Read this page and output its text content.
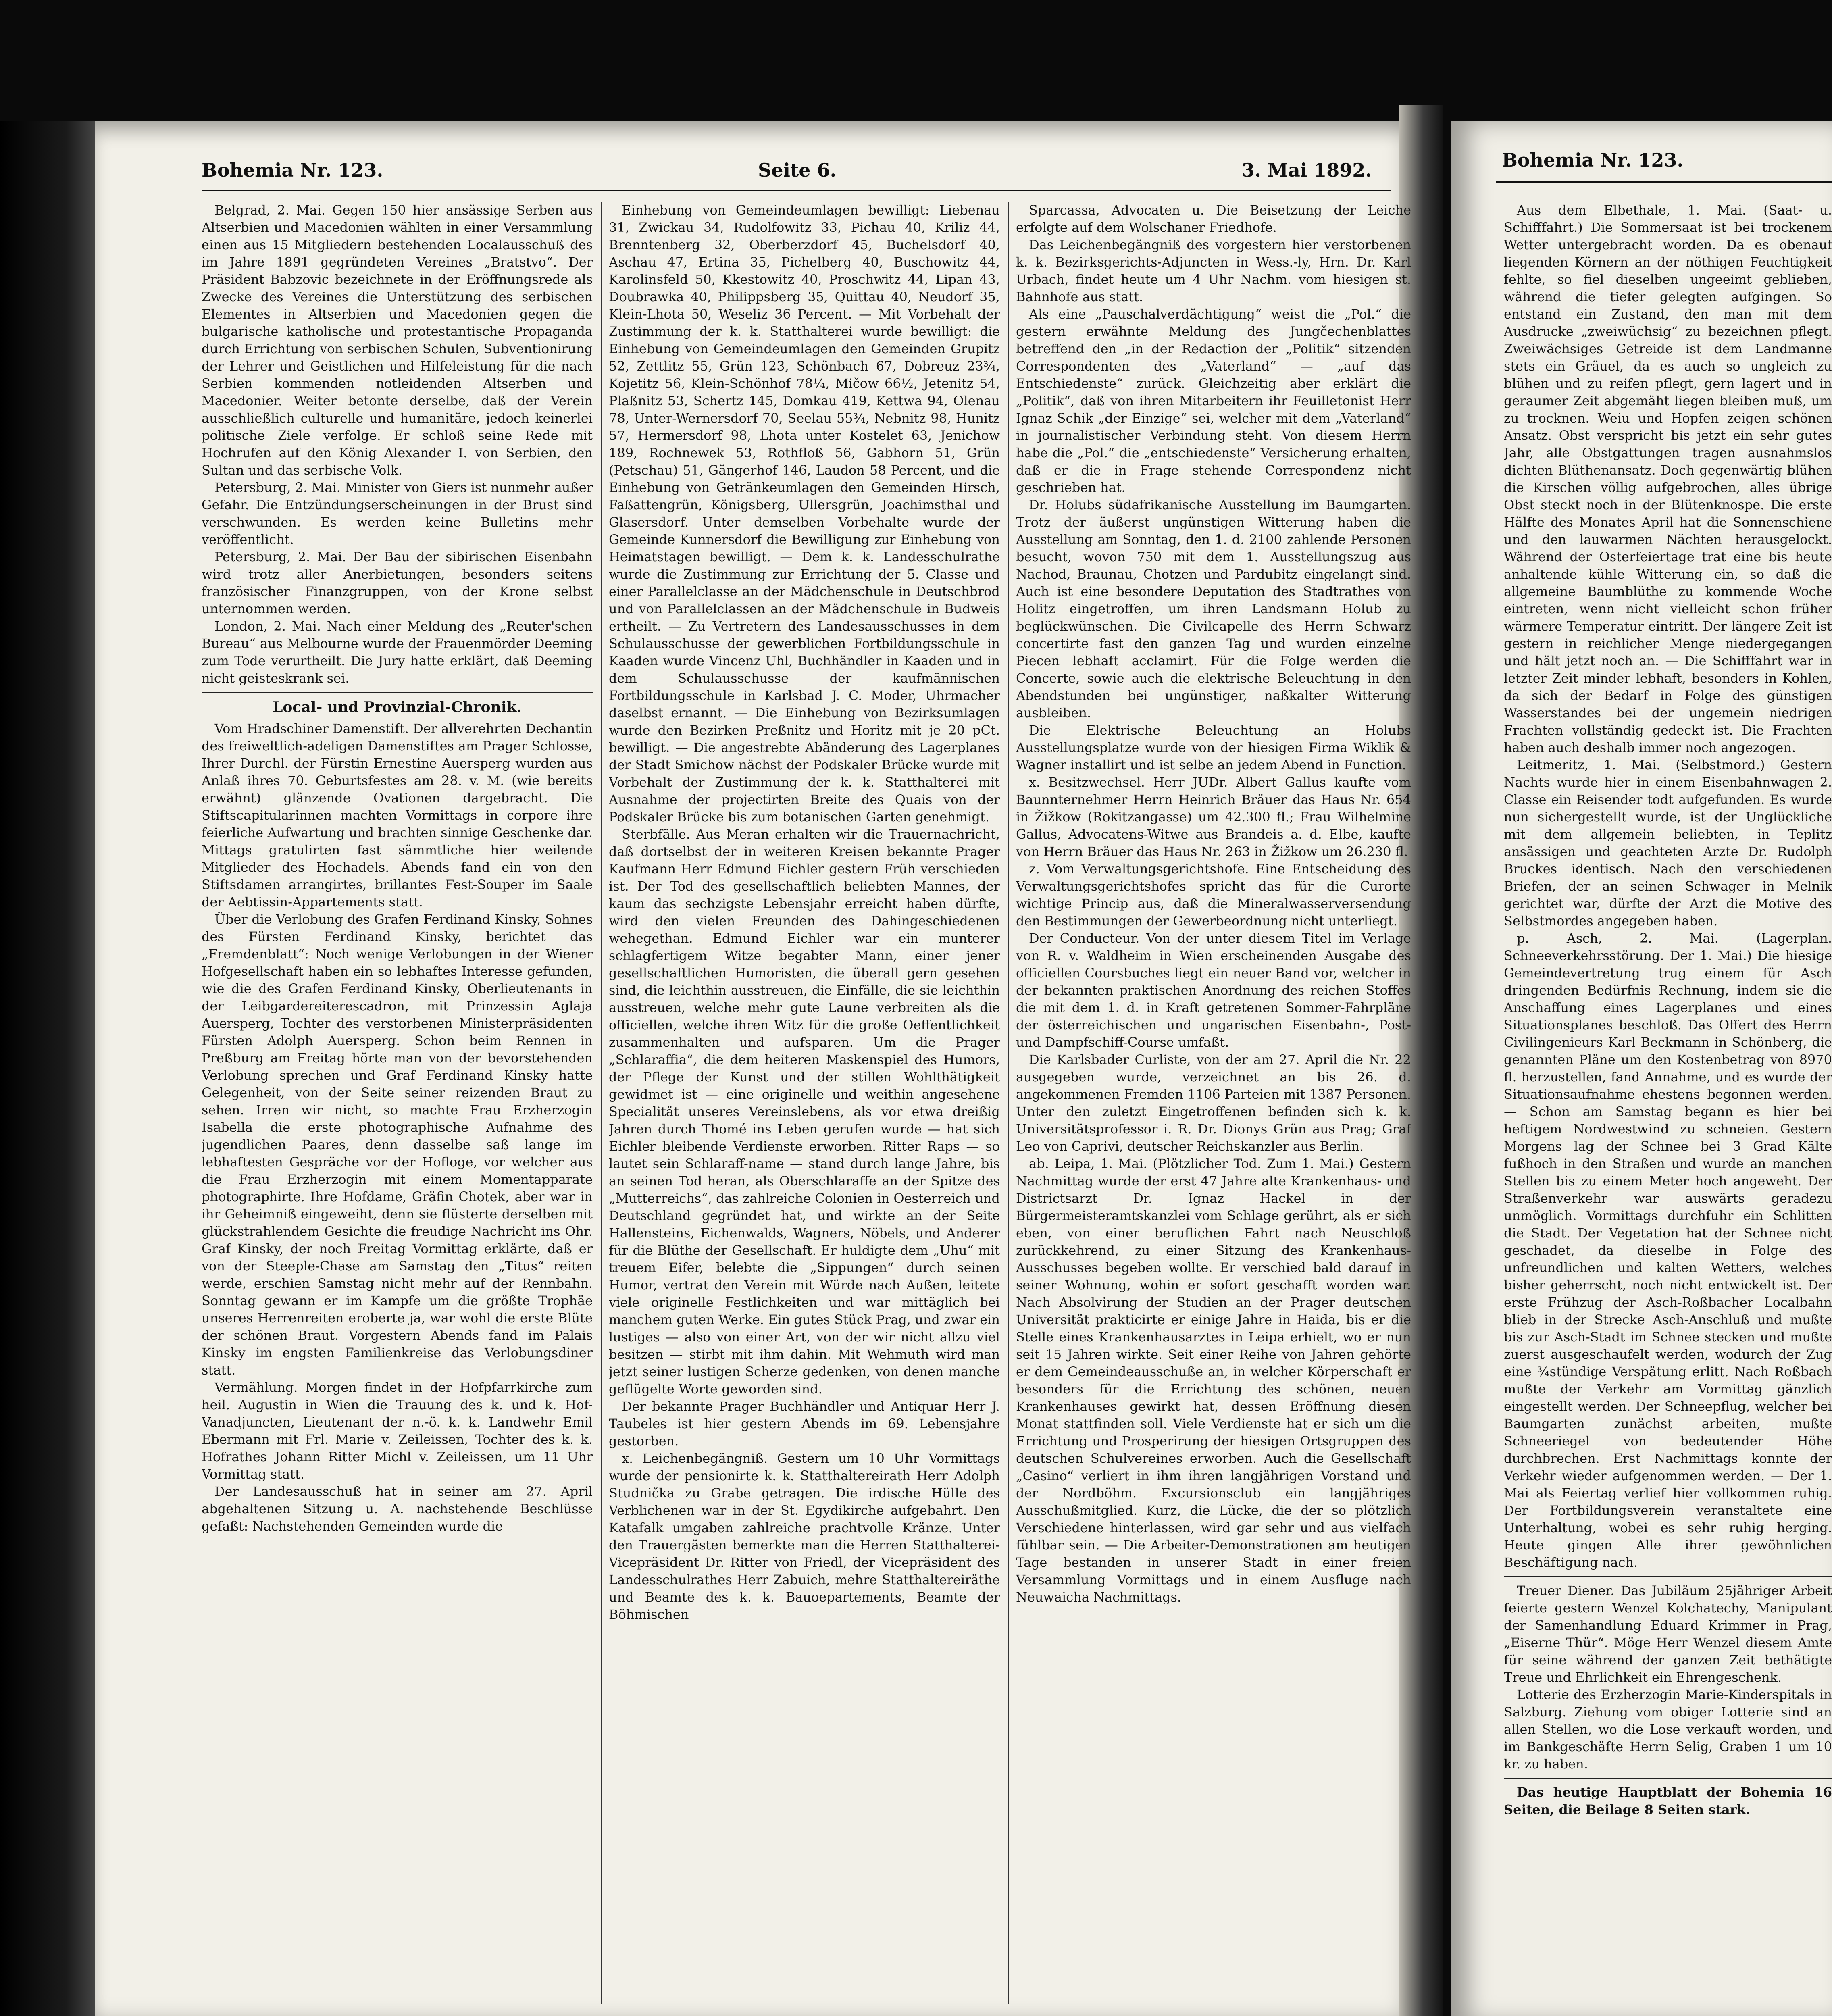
Bohemia Nr. 123.	Seite 6.	3. Mai 1892.	Bohemia Nr. 123.

Belgrad, 2. Mai. Gegen 150 hier ansässige Serben aus Altserbien und Macedonien wählten in einer Versammlung einen aus 15 Mitgliedern bestehenden Localausschuß des im Jahre 1891 gegründeten Vereines „Bratstvo“. Der Präsident Babzovic bezeichnete in der Eröffnungsrede als Zwecke des Vereines die Unterstützung des serbischen Elementes in Altserbien und Macedonien gegen die bulgarische katholische und protestantische Propaganda durch Errichtung von serbischen Schulen, Subventionirung der Lehrer und Geistlichen und Hilfeleistung für die nach Serbien kommenden notleidenden Altserben und Macedonier. Weiter betonte derselbe, daß der Verein ausschließlich culturelle und humanitäre, jedoch keinerlei politische Ziele verfolge. Er schloß seine Rede mit Hochrufen auf den König Alexander I. von Serbien, den Sultan und das serbische Volk.

Petersburg, 2. Mai. Minister von Giers ist nunmehr außer Gefahr. Die Entzündungserscheinungen in der Brust sind verschwunden. Es werden keine Bulletins mehr veröffentlicht.

Petersburg, 2. Mai. Der Bau der sibirischen Eisenbahn wird trotz aller Anerbietungen, besonders seitens französischer Finanzgruppen, von der Krone selbst unternommen werden.

London, 2. Mai. Nach einer Meldung des „Reuter'schen Bureau“ aus Melbourne wurde der Frauenmörder Deeming zum Tode verurtheilt. Die Jury hatte erklärt, daß Deeming nicht geisteskrank sei.

Local- und Provinzial-Chronik.

Vom Hradschiner Damenstift. Der allverehrten Dechantin des freiweltlich-adeligen Damenstiftes am Prager Schlosse, Ihrer Durchl. der Fürstin Ernestine Auersperg wurden aus Anlaß ihres 70. Geburtsfestes am 28. v. M. (wie bereits erwähnt) glänzende Ovationen dargebracht. Die Stiftscapitularinnen machten Vormittags in corpore ihre feierliche Aufwartung und brachten sinnige Geschenke dar. Mittags gratulirten fast sämmtliche hier weilende Mitglieder des Hochadels. Abends fand ein von den Stiftsdamen arrangirtes, brillantes Fest-Souper im Saale der Aebtissin-Appartements statt.

Über die Verlobung des Grafen Ferdinand Kinsky, Sohnes des Fürsten Ferdinand Kinsky, berichtet das „Fremdenblatt“: Noch wenige Verlobungen in der Wiener Hofgesellschaft haben ein so lebhaftes Interesse gefunden, wie die des Grafen Ferdinand Kinsky, Oberlieutenants in der Leibgardereiterescadron, mit Prinzessin Aglaja Auersperg, Tochter des verstorbenen Ministerpräsidenten Fürsten Adolph Auersperg. Schon beim Rennen in Preßburg am Freitag hörte man von der bevorstehenden Verlobung sprechen und Graf Ferdinand Kinsky hatte Gelegenheit, von der Seite seiner reizenden Braut zu sehen. Irren wir nicht, so machte Frau Erzherzogin Isabella die erste photographische Aufnahme des jugendlichen Paares, denn dasselbe saß lange im lebhaftesten Gespräche vor der Hofloge, vor welcher aus die Frau Erzherzogin mit einem Momentapparate photographirte. Ihre Hofdame, Gräfin Chotek, aber war in ihr Geheimniß eingeweiht, denn sie flüsterte derselben mit glückstrahlendem Gesichte die freudige Nachricht ins Ohr. Graf Kinsky, der noch Freitag Vormittag erklärte, daß er von der Steeple-Chase am Samstag den „Titus“ reiten werde, erschien Samstag nicht mehr auf der Rennbahn. Sonntag gewann er im Kampfe um die größte Trophäe unseres Herrenreiten eroberte ja, war wohl die erste Blüte der schönen Braut. Vorgestern Abends fand im Palais Kinsky im engsten Familienkreise das Verlobungsdiner statt.

Vermählung. Morgen findet in der Hofpfarrkirche zum heil. Augustin in Wien die Trauung des k. und k. Hof-Vanadjuncten, Lieutenant der n.-ö. k. k. Landwehr Emil Ebermann mit Frl. Marie v. Zeileissen, Tochter des k. k. Hofrathes Johann Ritter Michl v. Zeileissen, um 11 Uhr Vormittag statt.

Der Landesausschuß hat in seiner am 27. April abgehaltenen Sitzung u. A. nachstehende Beschlüsse gefaßt: Nachstehenden Gemeinden wurde die

Einhebung von Gemeindeumlagen bewilligt: Liebenau 31, Zwickau 34, Rudolfowitz 33, Pichau 40, Kriliz 44, Brenntenberg 32, Oberberzdorf 45, Buchelsdorf 40, Aschau 47, Ertina 35, Pichelberg 40, Buschowitz 44, Karolinsfeld 50, Kkestowitz 40, Proschwitz 44, Lipan 43, Doubrawka 40, Philippsberg 35, Quittau 40, Neudorf 35, Klein-Lhota 50, Weseliz 36 Percent. — Mit Vorbehalt der Zustimmung der k. k. Statthalterei wurde bewilligt: die Einhebung von Gemeindeumlagen den Gemeinden Grupitz 52, Zettlitz 55, Grün 123, Schönbach 67, Dobreuz 23¾, Kojetitz 56, Klein-Schönhof 78¼, Mičow 66½, Jetenitz 54, Plaßnitz 53, Schertz 145, Domkau 419, Kettwa 94, Olenau 78, Unter-Wernersdorf 70, Seelau 55¾, Nebnitz 98, Hunitz 57, Hermersdorf 98, Lhota unter Kostelet 63, Jenichow 189, Rochnewek 53, Rothfloß 56, Gabhorn 51, Grün (Petschau) 51, Gängerhof 146, Laudon 58 Percent, und die Einhebung von Getränkeumlagen den Gemeinden Hirsch, Faßattengrün, Königsberg, Ullersgrün, Joachimsthal und Glasersdorf. Unter demselben Vorbehalte wurde der Gemeinde Kunnersdorf die Bewilligung zur Einhebung von Heimatstagen bewilligt. — Dem k. k. Landesschulrathe wurde die Zustimmung zur Errichtung der 5. Classe und einer Parallelclasse an der Mädchenschule in Deutschbrod und von Parallelclassen an der Mädchenschule in Budweis ertheilt. — Zu Vertretern des Landesausschusses in dem Schulausschusse der gewerblichen Fortbildungsschule in Kaaden wurde Vincenz Uhl, Buchhändler in Kaaden und in dem Schulausschusse der kaufmännischen Fortbildungsschule in Karlsbad J. C. Moder, Uhrmacher daselbst ernannt. — Die Einhebung von Bezirksumlagen wurde den Bezirken Preßnitz und Horitz mit je 20 pCt. bewilligt. — Die angestrebte Abänderung des Lagerplanes der Stadt Smichow nächst der Podskaler Brücke wurde mit Vorbehalt der Zustimmung der k. k. Statthalterei mit Ausnahme der projectirten Breite des Quais von der Podskaler Brücke bis zum botanischen Garten genehmigt.

Sterbfälle. Aus Meran erhalten wir die Trauernachricht, daß dortselbst der in weiteren Kreisen bekannte Prager Kaufmann Herr Edmund Eichler gestern Früh verschieden ist. Der Tod des gesellschaftlich beliebten Mannes, der kaum das sechzigste Lebensjahr erreicht haben dürfte, wird den vielen Freunden des Dahingeschiedenen wehegethan. Edmund Eichler war ein munterer schlagfertigem Witze begabter Mann, einer jener gesellschaftlichen Humoristen, die überall gern gesehen sind, die leichthin ausstreuen, die Einfälle, die sie leichthin ausstreuen, welche mehr gute Laune verbreiten als die officiellen, welche ihren Witz für die große Oeffentlichkeit zusammenhalten und aufsparen. Um die Prager „Schlaraffia“, die dem heiteren Maskenspiel des Humors, der Pflege der Kunst und der stillen Wohlthätigkeit gewidmet ist — eine originelle und weithin angesehene Specialität unseres Vereinslebens, als vor etwa dreißig Jahren durch Thomé ins Leben gerufen wurde — hat sich Eichler bleibende Verdienste erworben. Ritter Raps — so lautet sein Schlaraff-name — stand durch lange Jahre, bis an seinen Tod heran, als Oberschlaraffe an der Spitze des „Mutterreichs“, das zahlreiche Colonien in Oesterreich und Deutschland gegründet hat, und wirkte an der Seite Hallensteins, Eichenwalds, Wagners, Nöbels, und Anderer für die Blüthe der Gesellschaft. Er huldigte dem „Uhu“ mit treuem Eifer, belebte die „Sippungen“ durch seinen Humor, vertrat den Verein mit Würde nach Außen, leitete viele originelle Festlichkeiten und war mittäglich bei manchem guten Werke. Ein gutes Stück Prag, und zwar ein lustiges — also von einer Art, von der wir nicht allzu viel besitzen — stirbt mit ihm dahin. Mit Wehmuth wird man jetzt seiner lustigen Scherze gedenken, von denen manche geflügelte Worte geworden sind.

Der bekannte Prager Buchhändler und Antiquar Herr J. Taubeles ist hier gestern Abends im 69. Lebensjahre gestorben.

x. Leichenbegängniß. Gestern um 10 Uhr Vormittags wurde der pensionirte k. k. Statthaltereirath Herr Adolph Studnička zu Grabe getragen. Die irdische Hülle des Verblichenen war in der St. Egydikirche aufgebahrt. Den Katafalk umgaben zahlreiche prachtvolle Kränze. Unter den Trauergästen bemerkte man die Herren Statthalterei-Vicepräsident Dr. Ritter von Friedl, der Vicepräsident des Landesschulrathes Herr Zabuich, mehre Statthaltereiräthe und Beamte des k. k. Bauoepartements, Beamte der Böhmischen

Sparcassa, Advocaten u. Die Beisetzung der Leiche erfolgte auf dem Wolschaner Friedhofe.

Das Leichenbegängniß des vorgestern hier verstorbenen k. k. Bezirksgerichts-Adjuncten in Wess.-ly, Hrn. Dr. Karl Urbach, findet heute um 4 Uhr Nachm. vom hiesigen st. Bahnhofe aus statt.

Als eine „Pauschalverdächtigung“ weist die „Pol.“ die gestern erwähnte Meldung des Jungčechenblattes betreffend den „in der Redaction der „Politik“ sitzenden Correspondenten des „Vaterland“ — „auf das Entschiedenste“ zurück. Gleichzeitig aber erklärt die „Politik“, daß von ihren Mitarbeitern ihr Feuilletonist Herr Ignaz Schik „der Einzige“ sei, welcher mit dem „Vaterland“ in journalistischer Verbindung steht. Von diesem Herrn habe die „Pol.“ die „entschiedenste“ Versicherung erhalten, daß er die in Frage stehende Correspondenz nicht geschrieben hat.

Dr. Holubs südafrikanische Ausstellung im Baumgarten. Trotz der äußerst ungünstigen Witterung haben die Ausstellung am Sonntag, den 1. d. 2100 zahlende Personen besucht, wovon 750 mit dem 1. Ausstellungszug aus Nachod, Braunau, Chotzen und Pardubitz eingelangt sind. Auch ist eine besondere Deputation des Stadtrathes von Holitz eingetroffen, um ihren Landsmann Holub zu beglückwünschen. Die Civilcapelle des Herrn Schwarz concertirte fast den ganzen Tag und wurden einzelne Piecen lebhaft acclamirt. Für die Folge werden die Concerte, sowie auch die elektrische Beleuchtung in den Abendstunden bei ungünstiger, naßkalter Witterung ausbleiben.

Die Elektrische Beleuchtung an Holubs Ausstellungsplatze wurde von der hiesigen Firma Wiklik & Wagner installirt und ist selbe an jedem Abend in Function.

x. Besitzwechsel. Herr JUDr. Albert Gallus kaufte vom Baunnternehmer Herrn Heinrich Bräuer das Haus Nr. 654 in Žižkow (Rokitzangasse) um 42.300 fl.; Frau Wilhelmine Gallus, Advocatens-Witwe aus Brandeis a. d. Elbe, kaufte von Herrn Bräuer das Haus Nr. 263 in Žižkow um 26.230 fl.

z. Vom Verwaltungsgerichtshofe. Eine Entscheidung des Verwaltungsgerichtshofes spricht das für die Curorte wichtige Princip aus, daß die Mineralwasserversendung den Bestimmungen der Gewerbeordnung nicht unterliegt.

Der Conducteur. Von der unter diesem Titel im Verlage von R. v. Waldheim in Wien erscheinenden Ausgabe des officiellen Coursbuches liegt ein neuer Band vor, welcher in der bekannten praktischen Anordnung des reichen Stoffes die mit dem 1. d. in Kraft getretenen Sommer-Fahrpläne der österreichischen und ungarischen Eisenbahn-, Post- und Dampfschiff-Course umfaßt.

Die Karlsbader Curliste, von der am 27. April die Nr. 22 ausgegeben wurde, verzeichnet an bis 26. d. angekommenen Fremden 1106 Parteien mit 1387 Personen. Unter den zuletzt Eingetroffenen befinden sich k. k. Universitätsprofessor i. R. Dr. Dionys Grün aus Prag; Graf Leo von Caprivi, deutscher Reichskanzler aus Berlin.

ab. Leipa, 1. Mai. (Plötzlicher Tod. Zum 1. Mai.) Gestern Nachmittag wurde der erst 47 Jahre alte Krankenhaus- und Districtsarzt Dr. Ignaz Hackel in der Bürgermeisteramtskanzlei vom Schlage gerührt, als er sich eben, von einer beruflichen Fahrt nach Neuschloß zurückkehrend, zu einer Sitzung des Krankenhaus-Ausschusses begeben wollte. Er verschied bald darauf in seiner Wohnung, wohin er sofort geschafft worden war. Nach Absolvirung der Studien an der Prager deutschen Universität prakticirte er einige Jahre in Haida, bis er die Stelle eines Krankenhausarztes in Leipa erhielt, wo er nun seit 15 Jahren wirkte. Seit einer Reihe von Jahren gehörte er dem Gemeindeausschuße an, in welcher Körperschaft er besonders für die Errichtung des schönen, neuen Krankenhauses gewirkt hat, dessen Eröffnung diesen Monat stattfinden soll. Viele Verdienste hat er sich um die Errichtung und Prosperirung der hiesigen Ortsgruppen des deutschen Schulvereines erworben. Auch die Gesellschaft „Casino“ verliert in ihm ihren langjährigen Vorstand und der Nordböhm. Excursionsclub ein langjähriges Ausschußmitglied. Kurz, die Lücke, die der so plötzlich Verschiedene hinterlassen, wird gar sehr und aus vielfach fühlbar sein. — Die Arbeiter-Demonstrationen am heutigen Tage bestanden in unserer Stadt in einer freien Versammlung Vormittags und in einem Ausfluge nach Neuwaicha Nachmittags.

Aus dem Elbethale, 1. Mai. (Saat- u. Schifffahrt.) Die Sommersaat ist bei trockenem Wetter untergebracht worden. Da es obenauf liegenden Körnern an der nöthigen Feuchtigkeit fehlte, so fiel dieselben ungeeimt geblieben, während die tiefer gelegten aufgingen. So entstand ein Zustand, den man mit dem Ausdrucke „zweiwüchsig“ zu bezeichnen pflegt. Zweiwächsiges Getreide ist dem Landmanne stets ein Gräuel, da es auch so ungleich zu blühen und zu reifen pflegt, gern lagert und in geraumer Zeit abgemäht liegen bleiben muß, um zu trocknen. Weiu und Hopfen zeigen schönen Ansatz. Obst verspricht bis jetzt ein sehr gutes Jahr, alle Obstgattungen tragen ausnahmslos dichten Blüthenansatz. Doch gegenwärtig blühen die Kirschen völlig aufgebrochen, alles übrige Obst steckt noch in der Blütenknospe. Die erste Hälfte des Monates April hat die Sonnenschiene und den lauwarmen Nächten herausgelockt. Während der Osterfeiertage trat eine bis heute anhaltende kühle Witterung ein, so daß die allgemeine Baumblüthe zu kommende Woche eintreten, wenn nicht vielleicht schon früher wärmere Temperatur eintritt. Der längere Zeit ist gestern in reichlicher Menge niedergegangen und hält jetzt noch an. — Die Schifffahrt war in letzter Zeit minder lebhaft, besonders in Kohlen, da sich der Bedarf in Folge des günstigen Wasserstandes bei der ungemein niedrigen Frachten vollständig gedeckt ist. Die Frachten haben auch deshalb immer noch angezogen.

Leitmeritz, 1. Mai. (Selbstmord.) Gestern Nachts wurde hier in einem Eisenbahnwagen 2. Classe ein Reisender todt aufgefunden. Es wurde nun sichergestellt wurde, ist der Unglückliche mit dem allgemein beliebten, in Teplitz ansässigen und geachteten Arzte Dr. Rudolph Bruckes identisch. Nach den verschiedenen Briefen, der an seinen Schwager in Melnik gerichtet war, dürfte der Arzt die Motive des Selbstmordes angegeben haben.

p. Asch, 2. Mai. (Lagerplan. Schneeverkehrsstörung. Der 1. Mai.) Die hiesige Gemeindevertretung trug einem für Asch dringenden Bedürfnis Rechnung, indem sie die Anschaffung eines Lagerplanes und eines Situationsplanes beschloß. Das Offert des Herrn Civilingenieurs Karl Beckmann in Schönberg, die genannten Pläne um den Kostenbetrag von 8970 fl. herzustellen, fand Annahme, und es wurde der Situationsaufnahme ehestens begonnen werden. — Schon am Samstag begann es hier bei heftigem Nordwestwind zu schneien. Gestern Morgens lag der Schnee bei 3 Grad Kälte fußhoch in den Straßen und wurde an manchen Stellen bis zu einem Meter hoch angeweht. Der Straßenverkehr war auswärts geradezu unmöglich. Vormittags durchfuhr ein Schlitten die Stadt. Der Vegetation hat der Schnee nicht geschadet, da dieselbe in Folge des unfreundlichen und kalten Wetters, welches bisher geherrscht, noch nicht entwickelt ist. Der erste Frühzug der Asch-Roßbacher Localbahn blieb in der Strecke Asch-Anschluß und mußte bis zur Asch-Stadt im Schnee stecken und mußte zuerst ausgeschaufelt werden, wodurch der Zug eine ¾stündige Verspätung erlitt. Nach Roßbach mußte der Verkehr am Vormittag gänzlich eingestellt werden. Der Schneepflug, welcher bei Baumgarten zunächst arbeiten, mußte Schneeriegel von bedeutender Höhe durchbrechen. Erst Nachmittags konnte der Verkehr wieder aufgenommen werden. — Der 1. Mai als Feiertag verlief hier vollkommen ruhig. Der Fortbildungsverein veranstaltete eine Unterhaltung, wobei es sehr ruhig herging. Heute gingen Alle ihrer gewöhnlichen Beschäftigung nach.

Treuer Diener. Das Jubiläum 25jähriger Arbeit feierte gestern Wenzel Kolchatechy, Manipulant der Samenhandlung Eduard Krimmer in Prag, „Eiserne Thür“. Möge Herr Wenzel diesem Amte für seine während der ganzen Zeit bethätigte Treue und Ehrlichkeit ein Ehrengeschenk.

Lotterie des Erzherzogin Marie-Kinderspitals in Salzburg. Ziehung vom obiger Lotterie sind an allen Stellen, wo die Lose verkauft worden, und im Bankgeschäfte Herrn Selig, Graben 1 um 10 kr. zu haben.

Das heutige Hauptblatt der Bohemia 16 Seiten, die Beilage 8 Seiten stark.
